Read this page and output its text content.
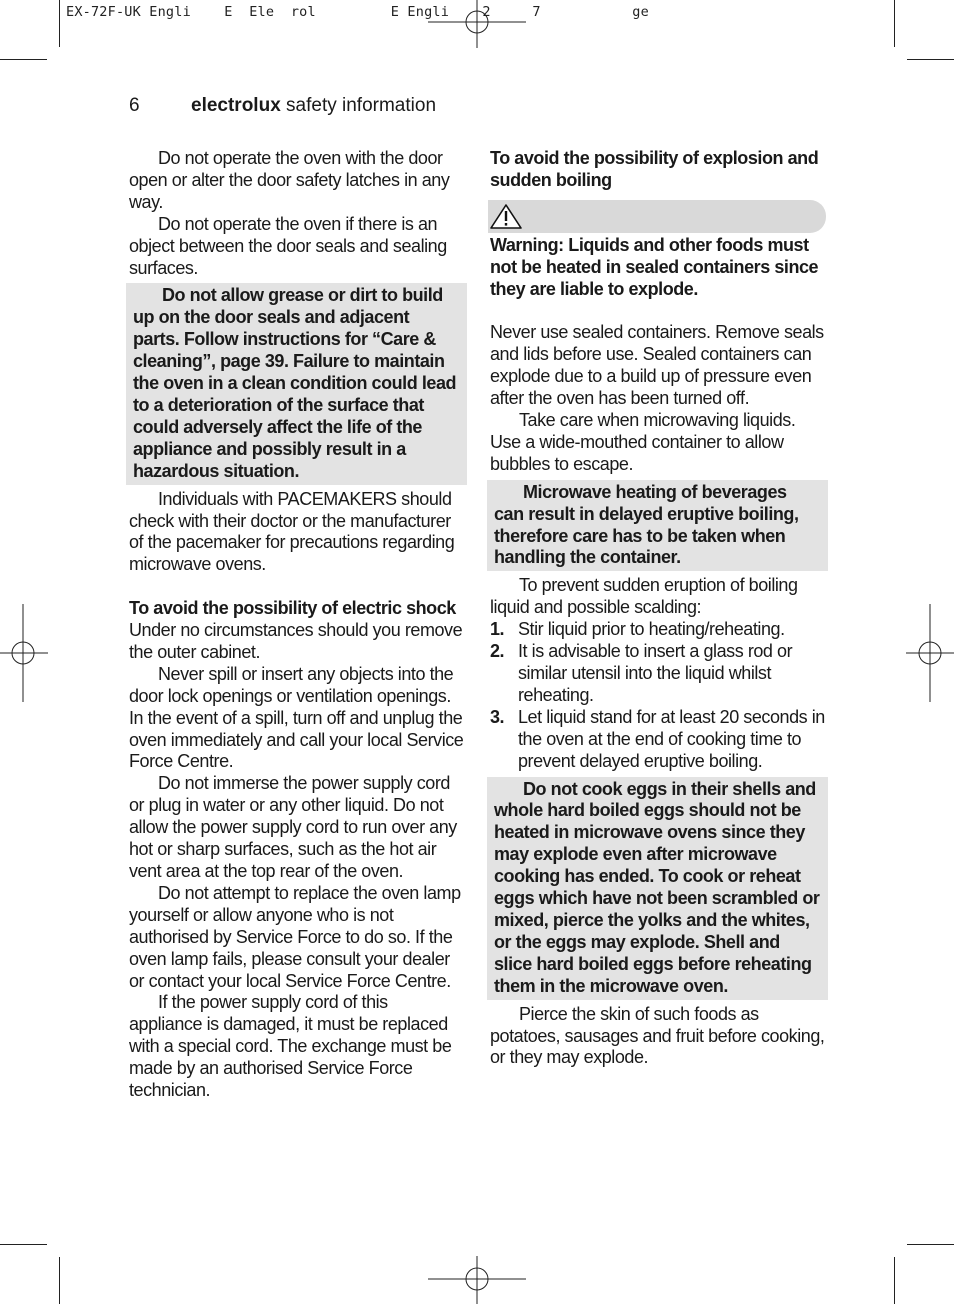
EX-72F-UK Engli    E  Ele  rol         E Engli    2     7           ge
6	electrolux safety information

Do not operate the oven with the door open or alter the door safety latches in any way.

Do not operate the oven if there is an object between the door seals and sealing surfaces.

Do not allow grease or dirt to build up on the door seals and adjacent parts. Follow instructions for “Care & cleaning”, page 39. Failure to maintain the oven in a clean condition could lead to a deterioration of the surface that could adversely affect the life of the appliance and possibly result in a hazardous situation.

Individuals with PACEMAKERS should check with their doctor or the manufacturer of the pacemaker for precautions regarding microwave ovens.

To avoid the possibility of electric shock

Under no circumstances should you remove the outer cabinet.

Never spill or insert any objects into the door lock openings or ventilation openings. In the event of a spill, turn off and unplug the oven immediately and call your local Service Force Centre.

Do not immerse the power supply cord or plug in water or any other liquid. Do not allow the power supply cord to run over any hot or sharp surfaces, such as the hot air vent area at the top rear of the oven.

Do not attempt to replace the oven lamp yourself or allow anyone who is not authorised by Service Force to do so. If the oven lamp fails, please consult your dealer or contact your local Service Force Centre.

If the power supply cord of this appliance is damaged, it must be replaced with a special cord. The exchange must be made by an authorised Service Force technician.

To avoid the possibility of explosion and sudden boiling

Warning: Liquids and other foods must not be heated in sealed containers since they are liable to explode.

Never use sealed containers. Remove seals and lids before use. Sealed containers can explode due to a build up of pressure even after the oven has been turned off.

Take care when microwaving liquids. Use a wide-mouthed container to allow bubbles to escape.

Microwave heating of beverages can result in delayed eruptive boiling, therefore care has to be taken when handling the container.

To prevent sudden eruption of boiling liquid and possible scalding:

1. Stir liquid prior to heating/reheating.
2. It is advisable to insert a glass rod or similar utensil into the liquid whilst reheating.
3. Let liquid stand for at least 20 seconds in the oven at the end of cooking time to prevent delayed eruptive boiling.
Do not cook eggs in their shells and whole hard boiled eggs should not be heated in microwave ovens since they may explode even after microwave cooking has ended. To cook or reheat eggs which have not been scrambled or mixed, pierce the yolks and the whites, or the eggs may explode. Shell and slice hard boiled eggs before reheating them in the microwave oven.

Pierce the skin of such foods as potatoes, sausages and fruit before cooking, or they may explode.
